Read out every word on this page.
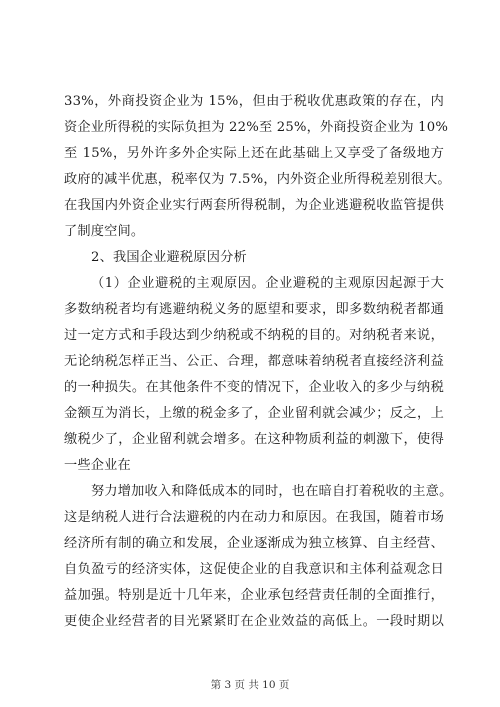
33%，外商投资企业为 15%，但由于税收优惠政策的存在，内
资企业所得税的实际负担为 22%至 25%，外商投资企业为 10%
至 15%，另外许多外企实际上还在此基础上又享受了备级地方
政府的减半优惠，税率仅为 7.5%，内外资企业所得税差别很大。
在我国内外资企业实行两套所得税制，为企业逃避税收监管提供
了制度空间。
2、我国企业避税原因分析
（1）企业避税的主观原因。企业避税的主观原因起源于大
多数纳税者均有逃避纳税义务的愿望和要求，即多数纳税者都通
过一定方式和手段达到少纳税或不纳税的目的。对纳税者来说，
无论纳税怎样正当、公正、合理，都意味着纳税者直接经济利益
的一种损失。在其他条件不变的情况下，企业收入的多少与纳税
金额互为消长，上缴的税金多了，企业留利就会减少；反之，上
缴税少了，企业留利就会增多。在这种物质利益的刺激下，使得
一些企业在
努力增加收入和降低成本的同时，也在暗自打着税收的主意。
这是纳税人进行合法避税的内在动力和原因。在我国，随着市场
经济所有制的确立和发展，企业逐渐成为独立核算、自主经营、
自负盈亏的经济实体，这促使企业的自我意识和主体利益观念日
益加强。特别是近十几年来，企业承包经营责任制的全面推行，
更使企业经营者的目光紧紧盯在企业效益的高低上。一段时期以
第 3 页 共 10 页
